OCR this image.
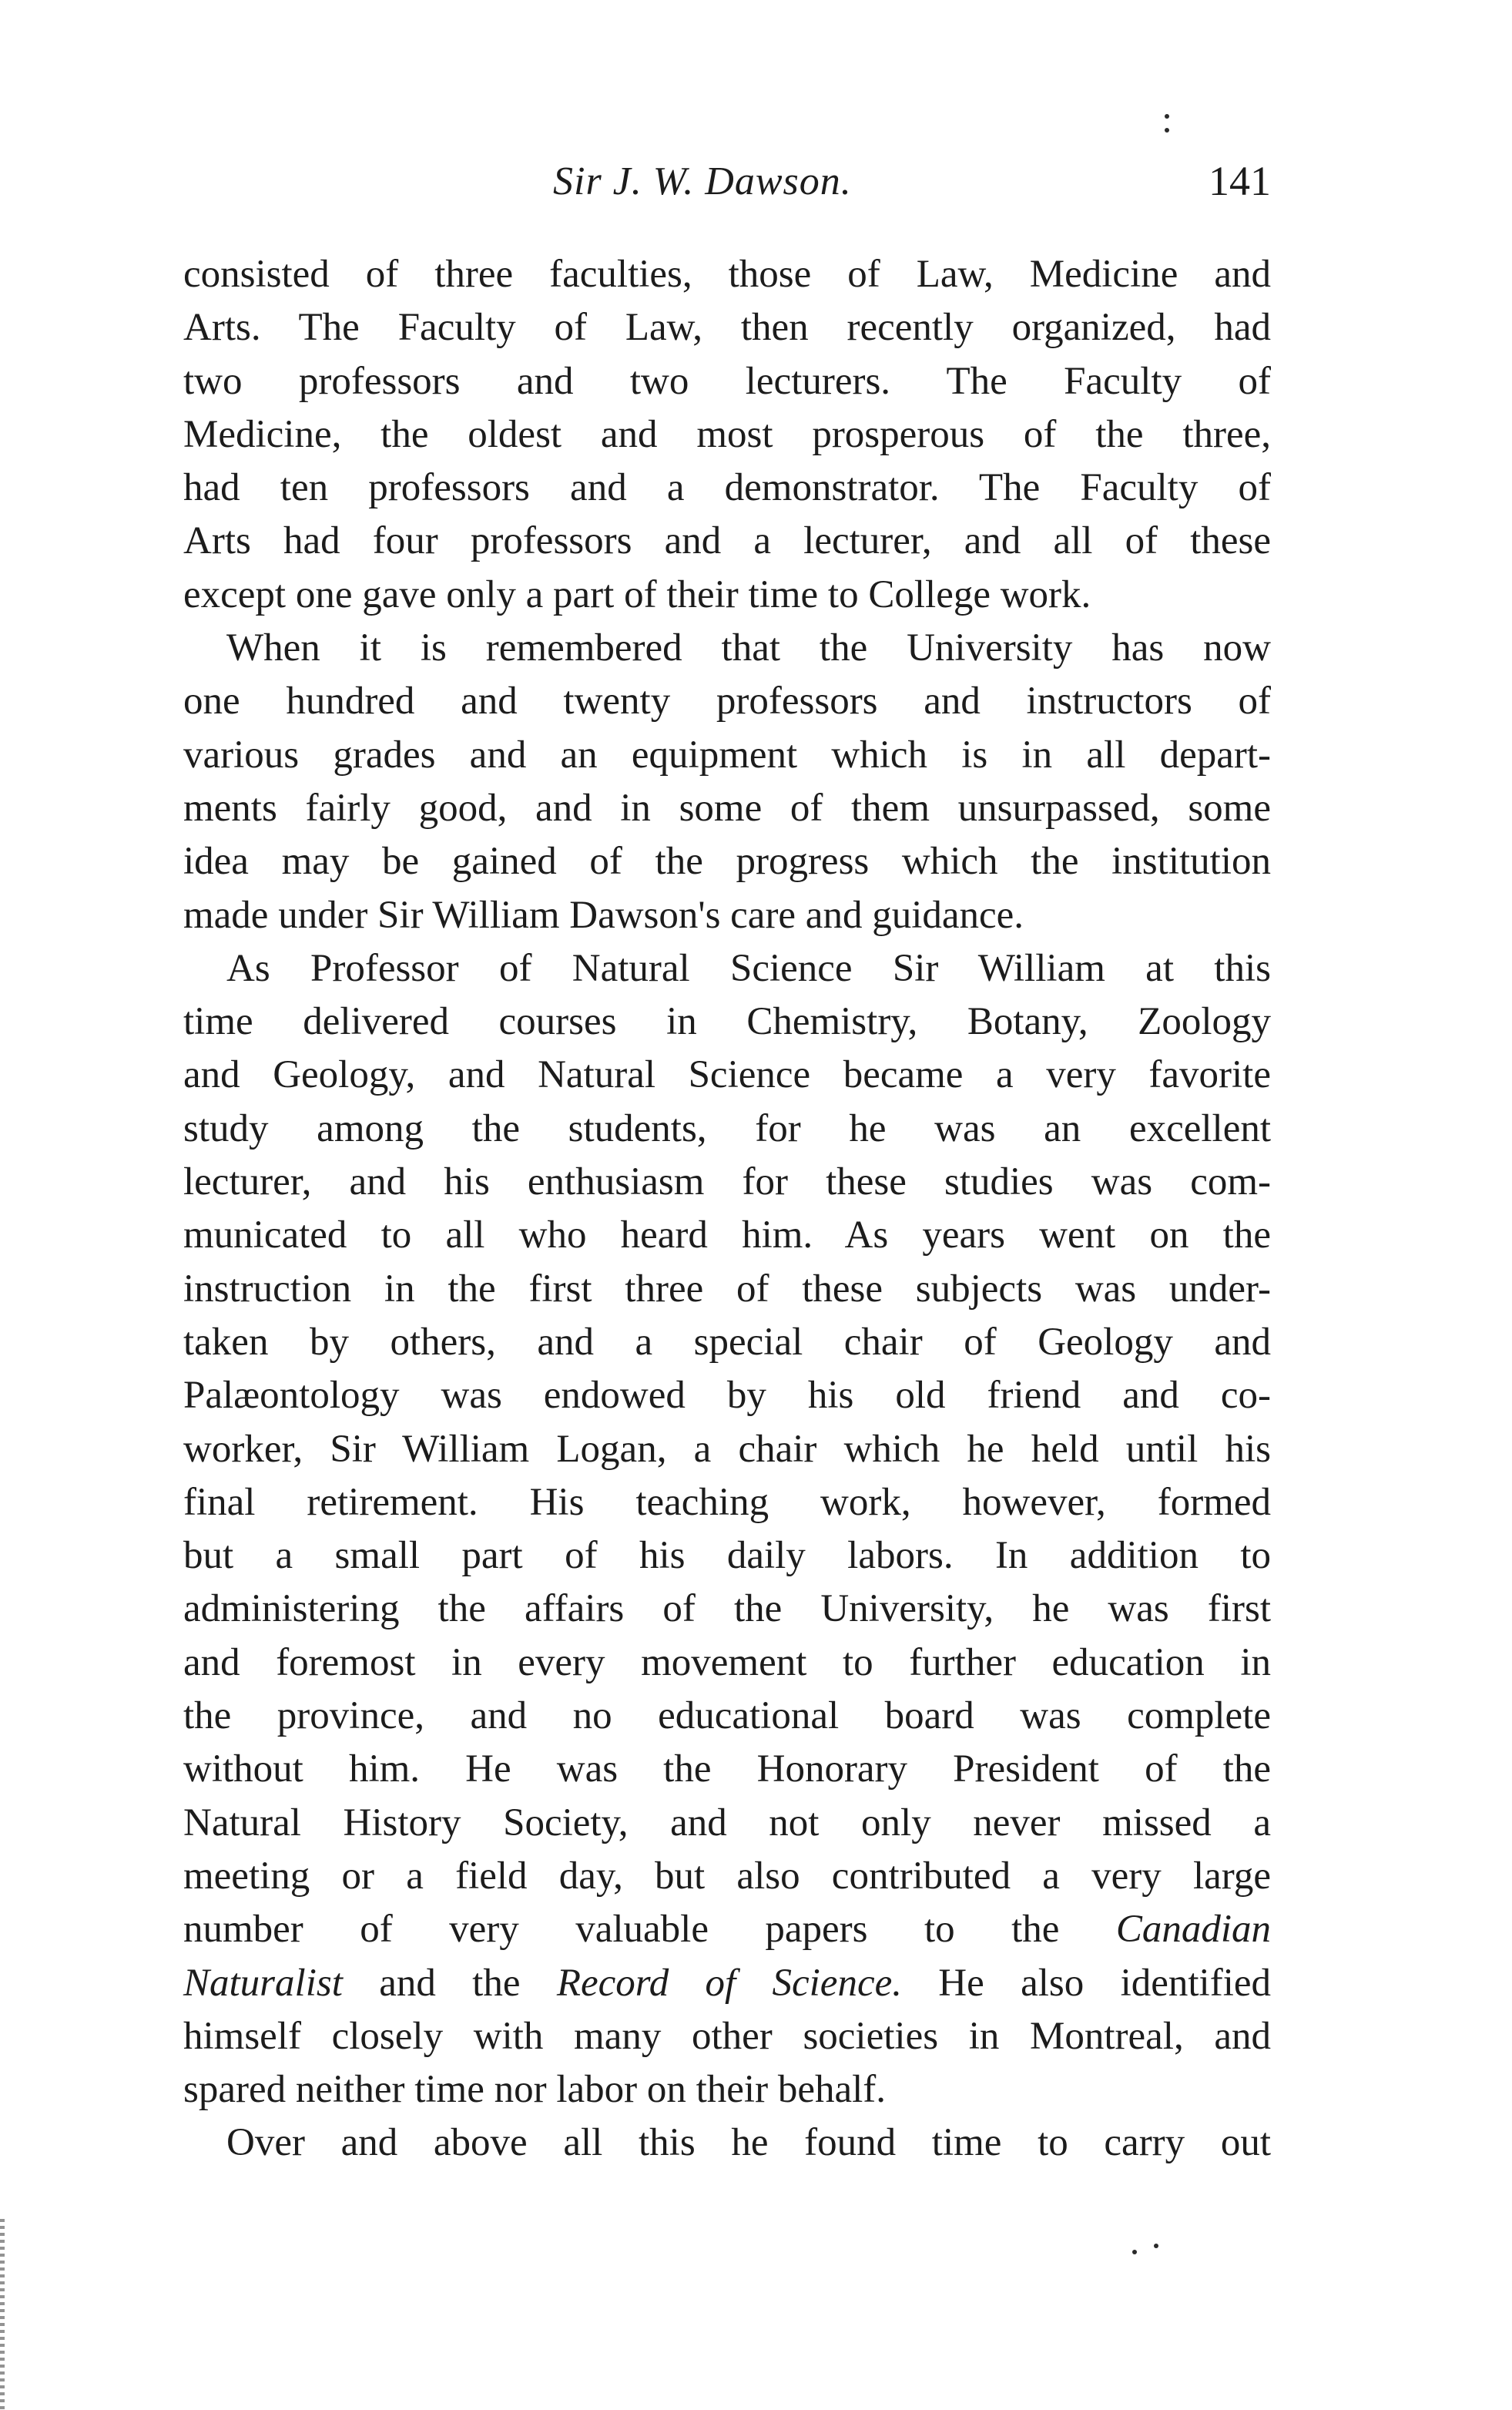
Sir J. W. Dawson.	141
consisted of three faculties, those of Law, Medicine and
Arts. The Faculty of Law, then recently organized, had
two professors and two lecturers. The Faculty of
Medicine, the oldest and most prosperous of the three,
had ten professors and a demonstrator. The Faculty of
Arts had four professors and a lecturer, and all of these
except one gave only a part of their time to College work.
When it is remembered that the University has now
one hundred and twenty professors and instructors of
various grades and an equipment which is in all depart-
ments fairly good, and in some of them unsurpassed, some
idea may be gained of the progress which the institution
made under Sir William Dawson's care and guidance.
As Professor of Natural Science Sir William at this
time delivered courses in Chemistry, Botany, Zoology
and Geology, and Natural Science became a very favorite
study among the students, for he was an excellent
lecturer, and his enthusiasm for these studies was com-
municated to all who heard him. As years went on the
instruction in the first three of these subjects was under-
taken by others, and a special chair of Geology and
Palæontology was endowed by his old friend and co-
worker, Sir William Logan, a chair which he held until his
final retirement. His teaching work, however, formed
but a small part of his daily labors. In addition to
administering the affairs of the University, he was first
and foremost in every movement to further education in
the province, and no educational board was complete
without him. He was the Honorary President of the
Natural History Society, and not only never missed a
meeting or a field day, but also contributed a very large
number of very valuable papers to the Canadian
Naturalist and the Record of Science. He also identified
himself closely with many other societies in Montreal, and
spared neither time nor labor on their behalf.
Over and above all this he found time to carry out
